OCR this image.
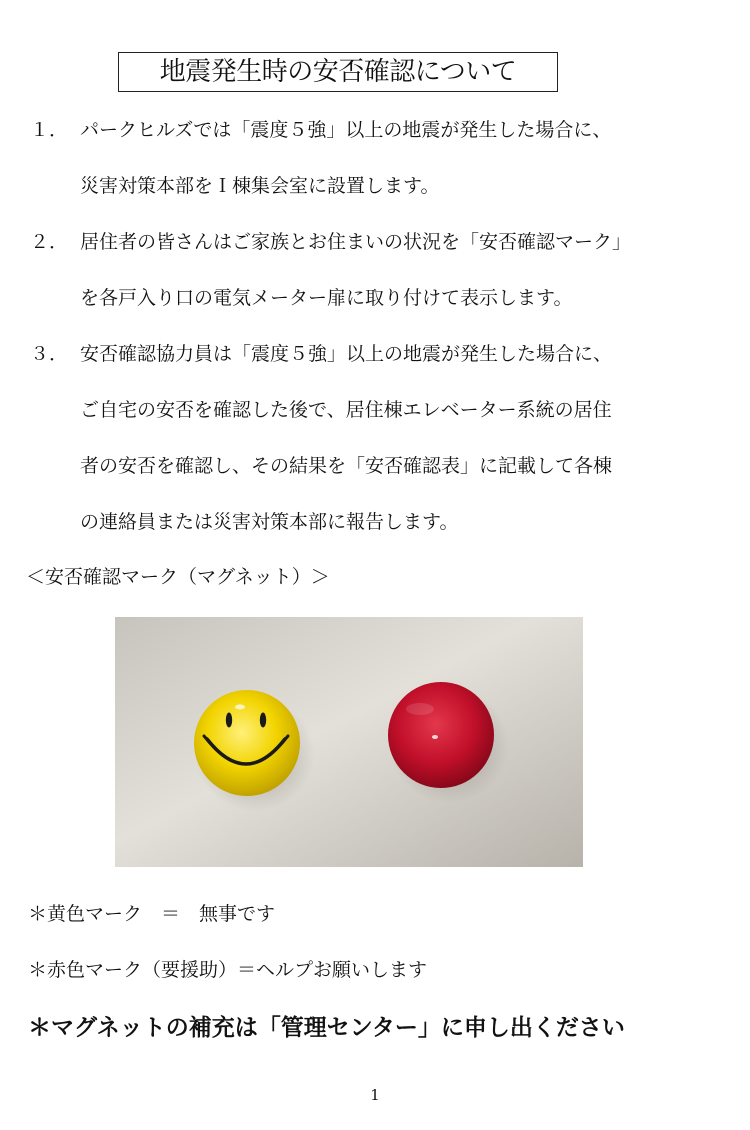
地震発生時の安否確認について
１． パークヒルズでは「震度５強」以上の地震が発生した場合に、
災害対策本部をＩ棟集会室に設置します。
２． 居住者の皆さんはご家族とお住まいの状況を「安否確認マーク」
を各戸入り口の電気メーター扉に取り付けて表示します。
３． 安否確認協力員は「震度５強」以上の地震が発生した場合に、
ご自宅の安否を確認した後で、居住棟エレベーター系統の居住
者の安否を確認し、その結果を「安否確認表」に記載して各棟
の連絡員または災害対策本部に報告します。
＜安否確認マーク（マグネット）＞
＊黄色マーク　＝　無事です
＊赤色マーク（要援助）＝ヘルプお願いします
＊マグネットの補充は「管理センター」に申し出ください
1
